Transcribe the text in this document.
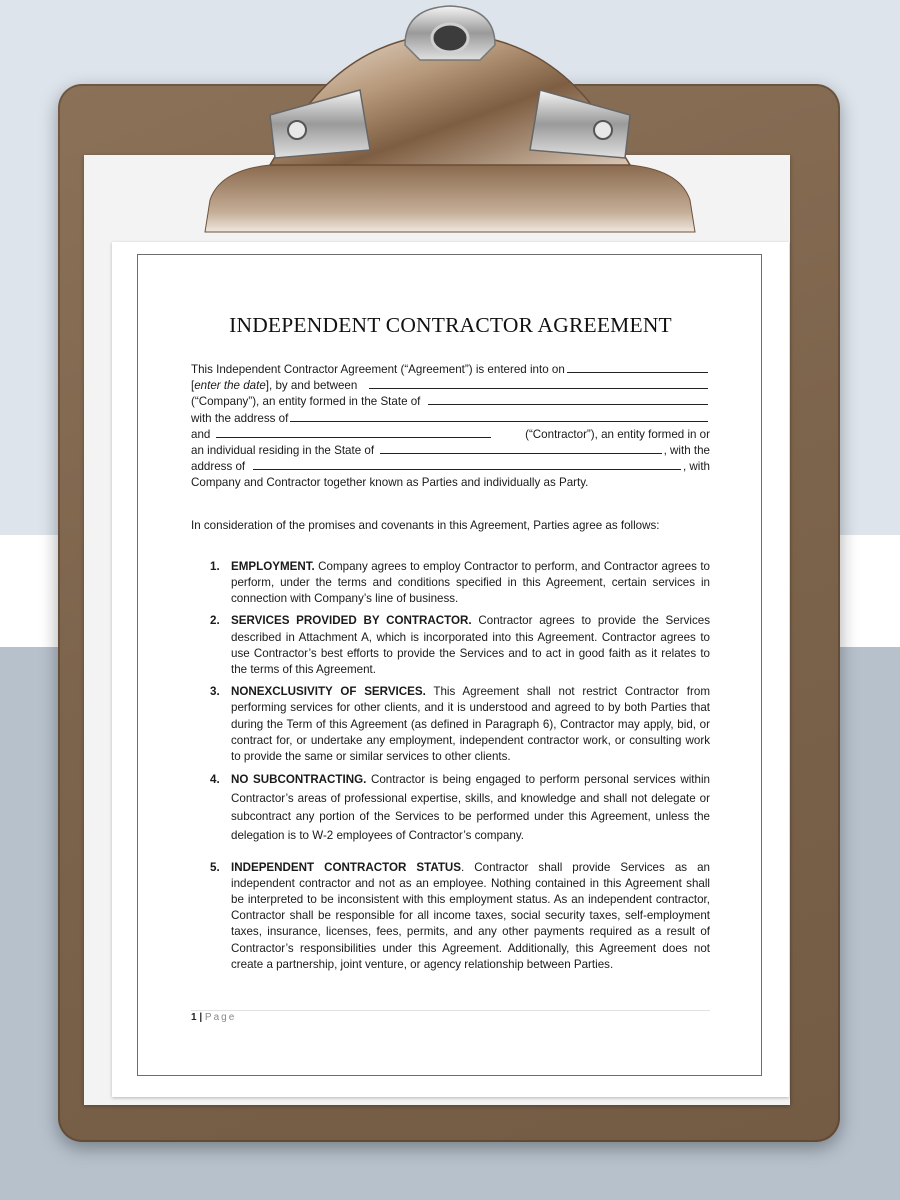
INDEPENDENT CONTRACTOR AGREEMENT
This Independent Contractor Agreement (“Agreement”) is entered into on
[enter the date], by and between
(“Company”), an entity formed in the State of
with the address of
and	(“Contractor”), an entity formed in or
an individual residing in the State of	, with the
address of	, with
Company and Contractor together known as Parties and individually as Party.

In consideration of the promises and covenants in this Agreement, Parties agree as follows:

1. EMPLOYMENT. Company agrees to employ Contractor to perform, and Contractor agrees to perform, under the terms and conditions specified in this Agreement, certain services in connection with Company’s line of business.
2. SERVICES PROVIDED BY CONTRACTOR. Contractor agrees to provide the Services described in Attachment A, which is incorporated into this Agreement. Contractor agrees to use Contractor’s best efforts to provide the Services and to act in good faith as it relates to the terms of this Agreement.
3. NONEXCLUSIVITY OF SERVICES. This Agreement shall not restrict Contractor from performing services for other clients, and it is understood and agreed to by both Parties that during the Term of this Agreement (as defined in Paragraph 6), Contractor may apply, bid, or contract for, or undertake any employment, independent contractor work, or consulting work to provide the same or similar services to other clients.
4. NO SUBCONTRACTING. Contractor is being engaged to perform personal services within Contractor’s areas of professional expertise, skills, and knowledge and shall not delegate or subcontract any portion of the Services to be performed under this Agreement, unless the delegation is to W-2 employees of Contractor’s company.
5. INDEPENDENT CONTRACTOR STATUS. Contractor shall provide Services as an independent contractor and not as an employee. Nothing contained in this Agreement shall be interpreted to be inconsistent with this employment status. As an independent contractor, Contractor shall be responsible for all income taxes, social security taxes, self-employment taxes, insurance, licenses, fees, permits, and any other payments required as a result of Contractor’s responsibilities under this Agreement. Additionally, this Agreement does not create a partnership, joint venture, or agency relationship between Parties.
1 | Page
